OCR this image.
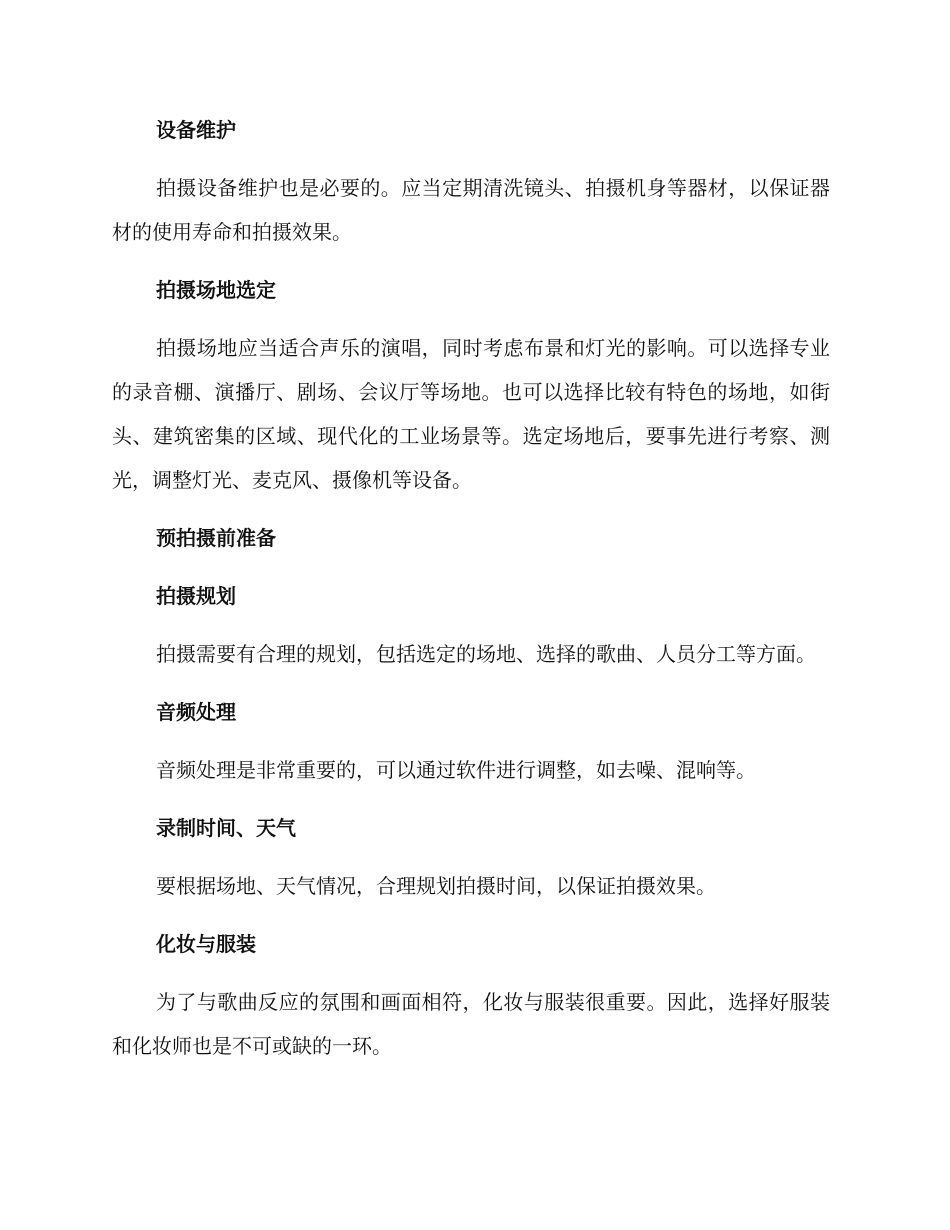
设备维护

拍摄设备维护也是必要的。应当定期清洗镜头、拍摄机身等器材，以保证器材的使用寿命和拍摄效果。

拍摄场地选定

拍摄场地应当适合声乐的演唱，同时考虑布景和灯光的影响。可以选择专业的录音棚、演播厅、剧场、会议厅等场地。也可以选择比较有特色的场地，如街头、建筑密集的区域、现代化的工业场景等。选定场地后，要事先进行考察、测光，调整灯光、麦克风、摄像机等设备。

预拍摄前准备
拍摄规划

拍摄需要有合理的规划，包括选定的场地、选择的歌曲、人员分工等方面。

音频处理

音频处理是非常重要的，可以通过软件进行调整，如去噪、混响等。

录制时间、天气

要根据场地、天气情况，合理规划拍摄时间，以保证拍摄效果。

化妆与服装

为了与歌曲反应的氛围和画面相符，化妆与服装很重要。因此，选择好服装和化妆师也是不可或缺的一环。
